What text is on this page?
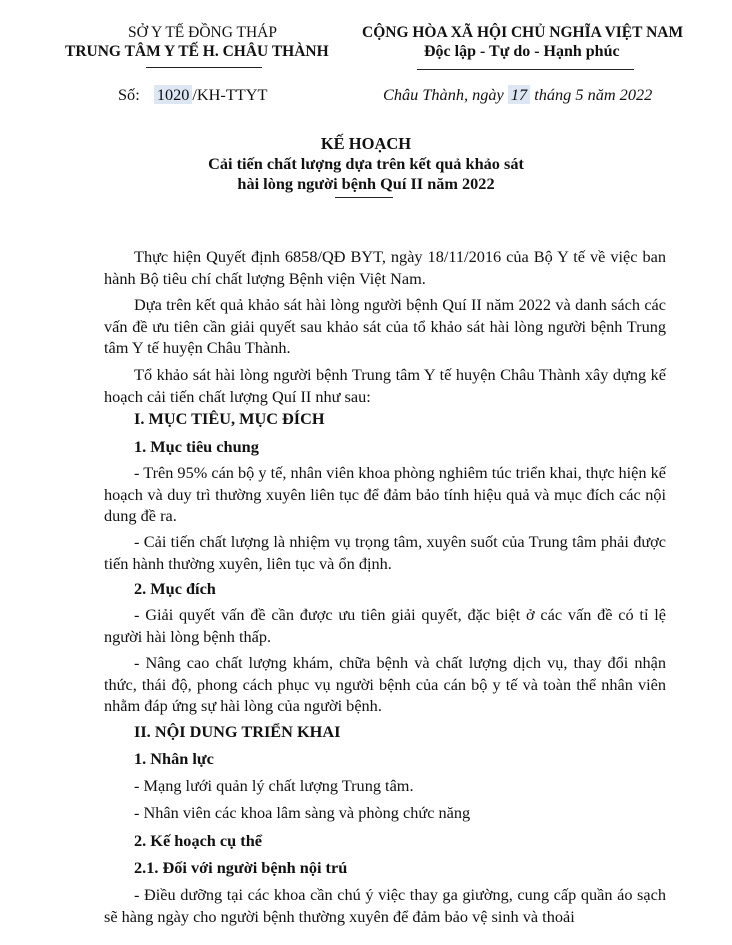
SỞ Y TẾ ĐỒNG THÁP
TRUNG TÂM Y TẾ H. CHÂU THÀNH
CỘNG HÒA XÃ HỘI CHỦ NGHĨA VIỆT NAM
Độc lập - Tự do - Hạnh phúc
Số: 1020 /KH-TTYT	Châu Thành, ngày 17 tháng 5 năm 2022
KẾ HOẠCH
Cải tiến chất lượng dựa trên kết quả khảo sát
hài lòng người bệnh Quí II năm 2022
Thực hiện Quyết định 6858/QĐ BYT, ngày 18/11/2016 của Bộ Y tế về việc ban hành Bộ tiêu chí chất lượng Bệnh viện Việt Nam.
Dựa trên kết quả khảo sát hài lòng người bệnh Quí II năm 2022 và danh sách các vấn đề ưu tiên cần giải quyết sau khảo sát của tổ khảo sát hài lòng người bệnh Trung tâm Y tế huyện Châu Thành.
Tổ khảo sát hài lòng người bệnh Trung tâm Y tế huyện Châu Thành xây dựng kế hoạch cải tiến chất lượng Quí II như sau:
I. MỤC TIÊU, MỤC ĐÍCH
1. Mục tiêu chung
- Trên 95% cán bộ y tế, nhân viên khoa phòng nghiêm túc triển khai, thực hiện kế hoạch và duy trì thường xuyên liên tục để đảm bảo tính hiệu quả và mục đích các nội dung đề ra.
- Cải tiến chất lượng là nhiệm vụ trọng tâm, xuyên suốt của Trung tâm phải được tiến hành thường xuyên, liên tục và ổn định.
2. Mục đích
- Giải quyết vấn đề cần được ưu tiên giải quyết, đặc biệt ở các vấn đề có tỉ lệ người hài lòng bệnh thấp.
- Nâng cao chất lượng khám, chữa bệnh và chất lượng dịch vụ, thay đổi nhận thức, thái độ, phong cách phục vụ người bệnh của cán bộ y tế và toàn thể nhân viên nhằm đáp ứng sự hài lòng của người bệnh.
II. NỘI DUNG TRIỂN KHAI
1. Nhân lực
- Mạng lưới quản lý chất lượng Trung tâm.
- Nhân viên các khoa lâm sàng và phòng chức năng
2. Kế hoạch cụ thể
2.1. Đối với người bệnh nội trú
- Điều dưỡng tại các khoa cần chú ý việc thay ga giường, cung cấp quần áo sạch sẽ hàng ngày cho người bệnh thường xuyên để đảm bảo vệ sinh và thoải
